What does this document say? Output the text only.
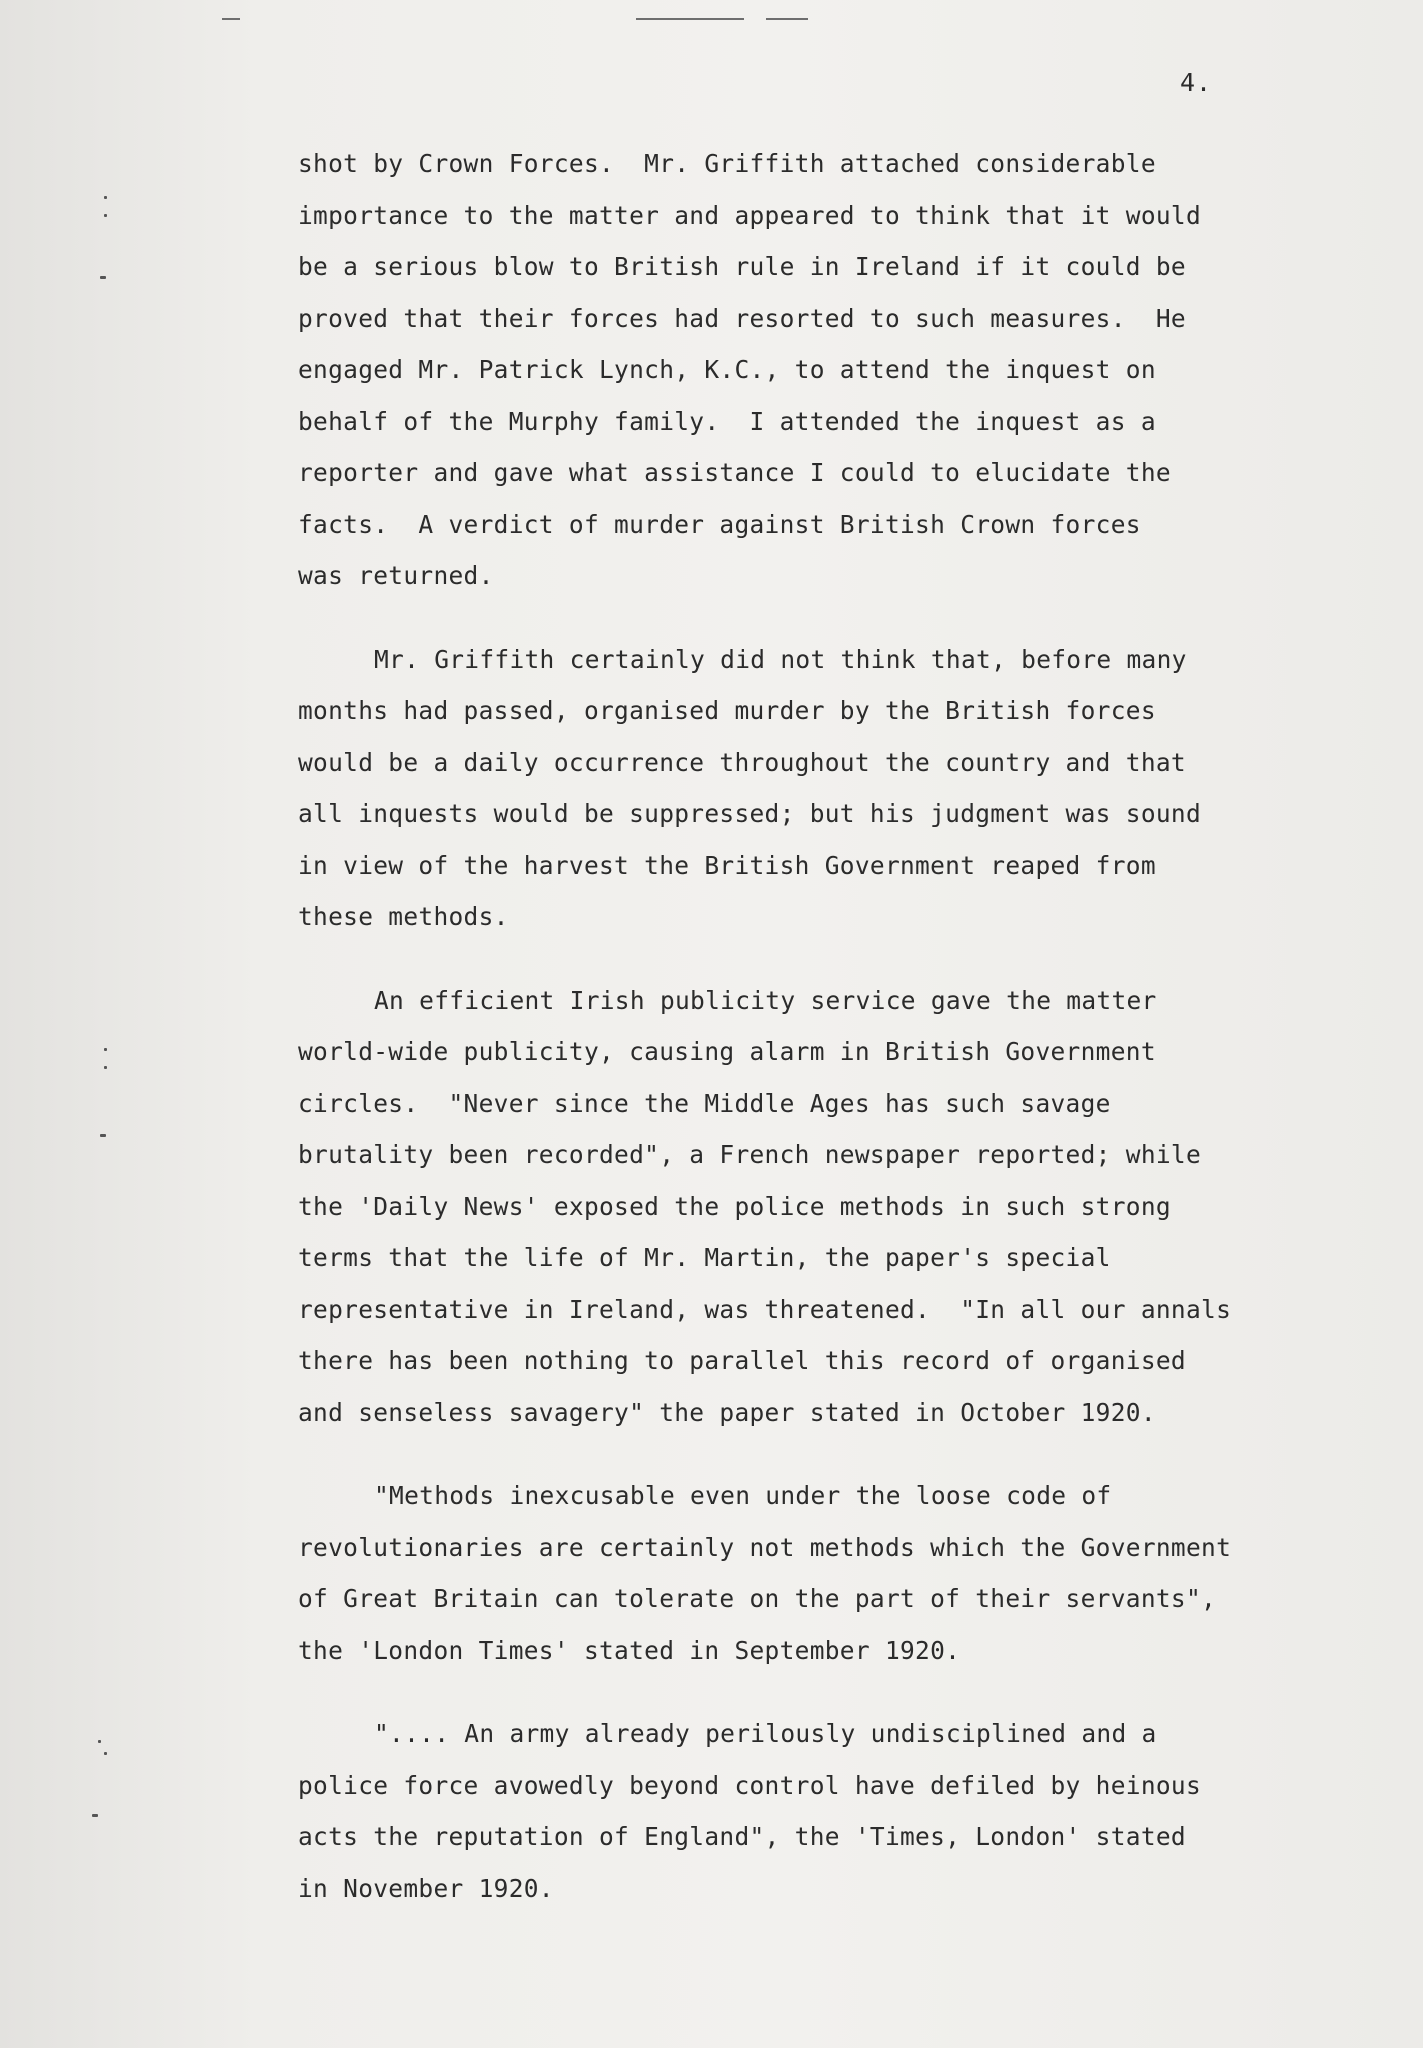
4.
shot by Crown Forces.  Mr. Griffith attached considerable
importance to the matter and appeared to think that it would
be a serious blow to British rule in Ireland if it could be
proved that their forces had resorted to such measures.  He
engaged Mr. Patrick Lynch, K.C., to attend the inquest on
behalf of the Murphy family.  I attended the inquest as a
reporter and gave what assistance I could to elucidate the
facts.  A verdict of murder against British Crown forces
was returned.
Mr. Griffith certainly did not think that, before many
months had passed, organised murder by the British forces
would be a daily occurrence throughout the country and that
all inquests would be suppressed; but his judgment was sound
in view of the harvest the British Government reaped from
these methods.
An efficient Irish publicity service gave the matter
world-wide publicity, causing alarm in British Government
circles.  "Never since the Middle Ages has such savage
brutality been recorded", a French newspaper reported; while
the 'Daily News' exposed the police methods in such strong
terms that the life of Mr. Martin, the paper's special
representative in Ireland, was threatened.  "In all our annals
there has been nothing to parallel this record of organised
and senseless savagery" the paper stated in October 1920.
"Methods inexcusable even under the loose code of
revolutionaries are certainly not methods which the Government
of Great Britain can tolerate on the part of their servants",
the 'London Times' stated in September 1920.
".... An army already perilously undisciplined and a
police force avowedly beyond control have defiled by heinous
acts the reputation of England", the 'Times, London' stated
in November 1920.
